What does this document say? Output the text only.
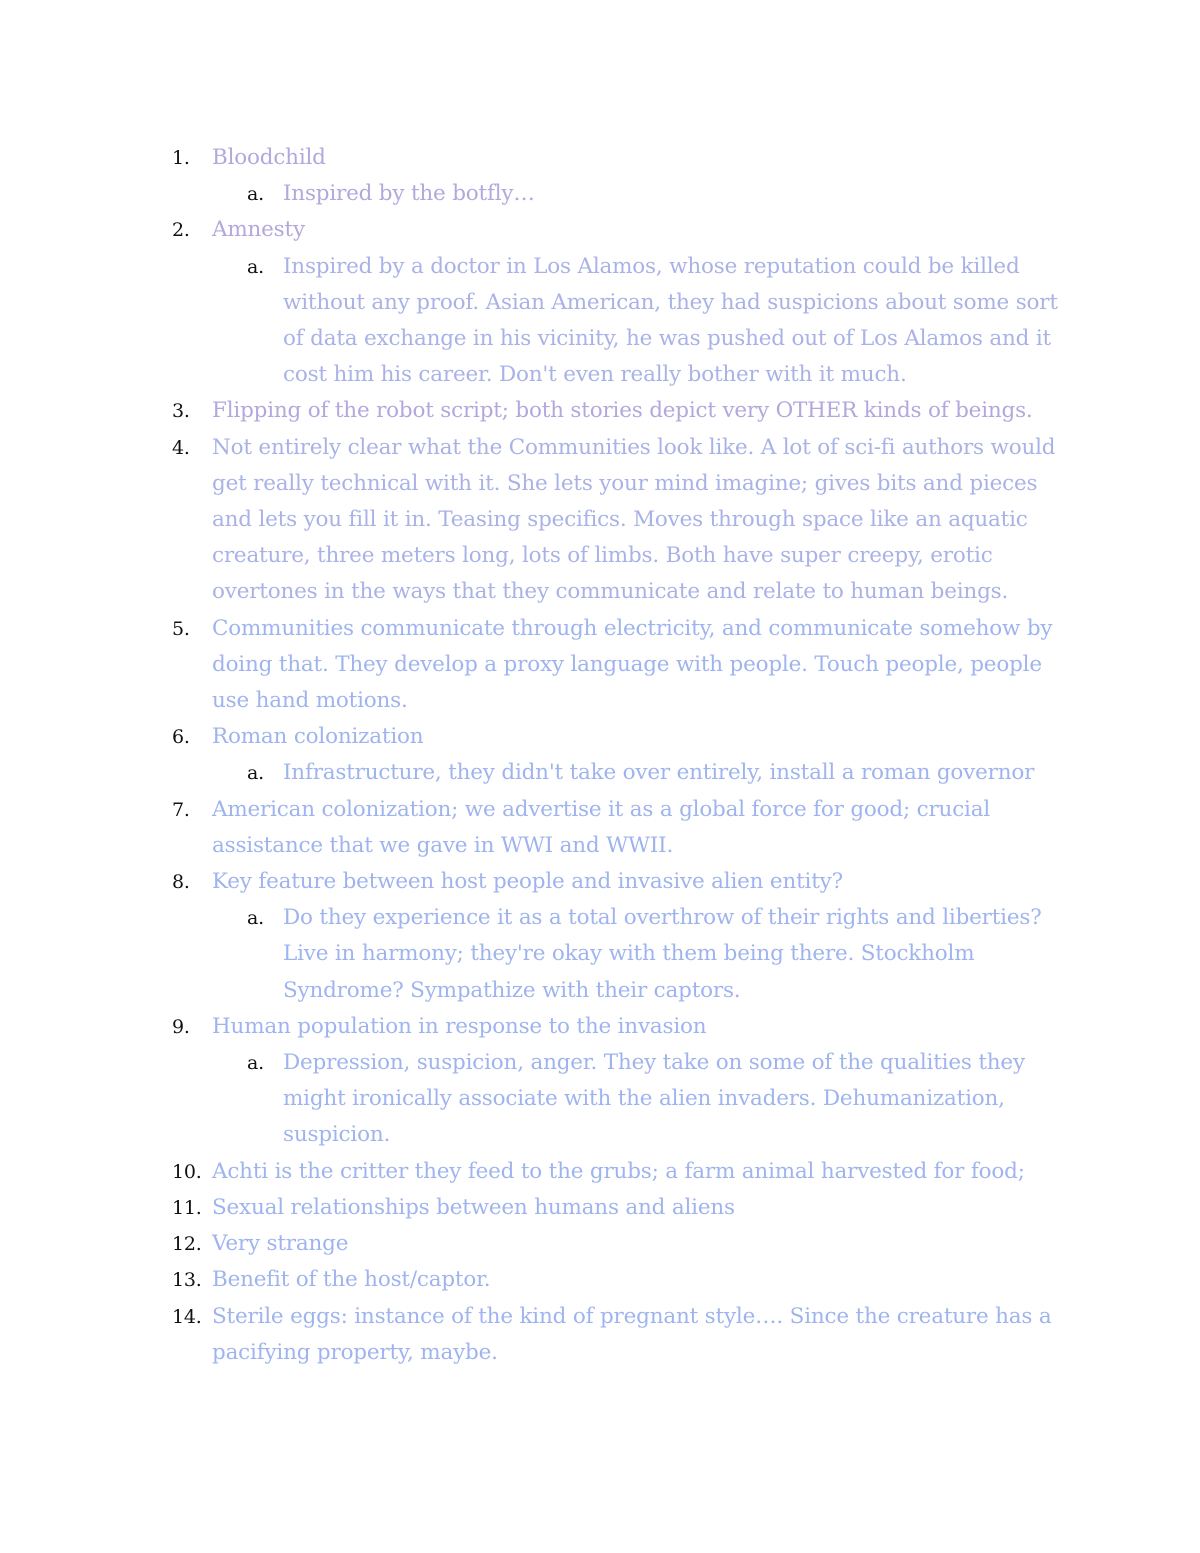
1.	Bloodchild
a. Inspired by the botfly…
2.	Amnesty
a. Inspired by a doctor in Los Alamos, whose reputation could be killed without any proof. Asian American, they had suspicions about some sort of data exchange in his vicinity, he was pushed out of Los Alamos and it cost him his career. Don't even really bother with it much.
3.	Flipping of the robot script; both stories depict very OTHER kinds of beings.
4.	Not entirely clear what the Communities look like. A lot of sci-fi authors would get really technical with it. She lets your mind imagine; gives bits and pieces and lets you fill it in. Teasing specifics. Moves through space like an aquatic creature, three meters long, lots of limbs. Both have super creepy, erotic overtones in the ways that they communicate and relate to human beings.
5.	Communities communicate through electricity, and communicate somehow by doing that. They develop a proxy language with people. Touch people, people use hand motions.
6.	Roman colonization
a. Infrastructure, they didn't take over entirely, install a roman governor
7.	American colonization; we advertise it as a global force for good; crucial assistance that we gave in WWI and WWII.
8.	Key feature between host people and invasive alien entity?
a. Do they experience it as a total overthrow of their rights and liberties? Live in harmony; they're okay with them being there. Stockholm Syndrome? Sympathize with their captors.
9.	Human population in response to the invasion
a. Depression, suspicion, anger. They take on some of the qualities they might ironically associate with the alien invaders. Dehumanization, suspicion.
10. Achti is the critter they feed to the grubs; a farm animal harvested for food;
11. Sexual relationships between humans and aliens
12. Very strange
13. Benefit of the host/captor.
14. Sterile eggs: instance of the kind of pregnant style…. Since the creature has a pacifying property, maybe.
